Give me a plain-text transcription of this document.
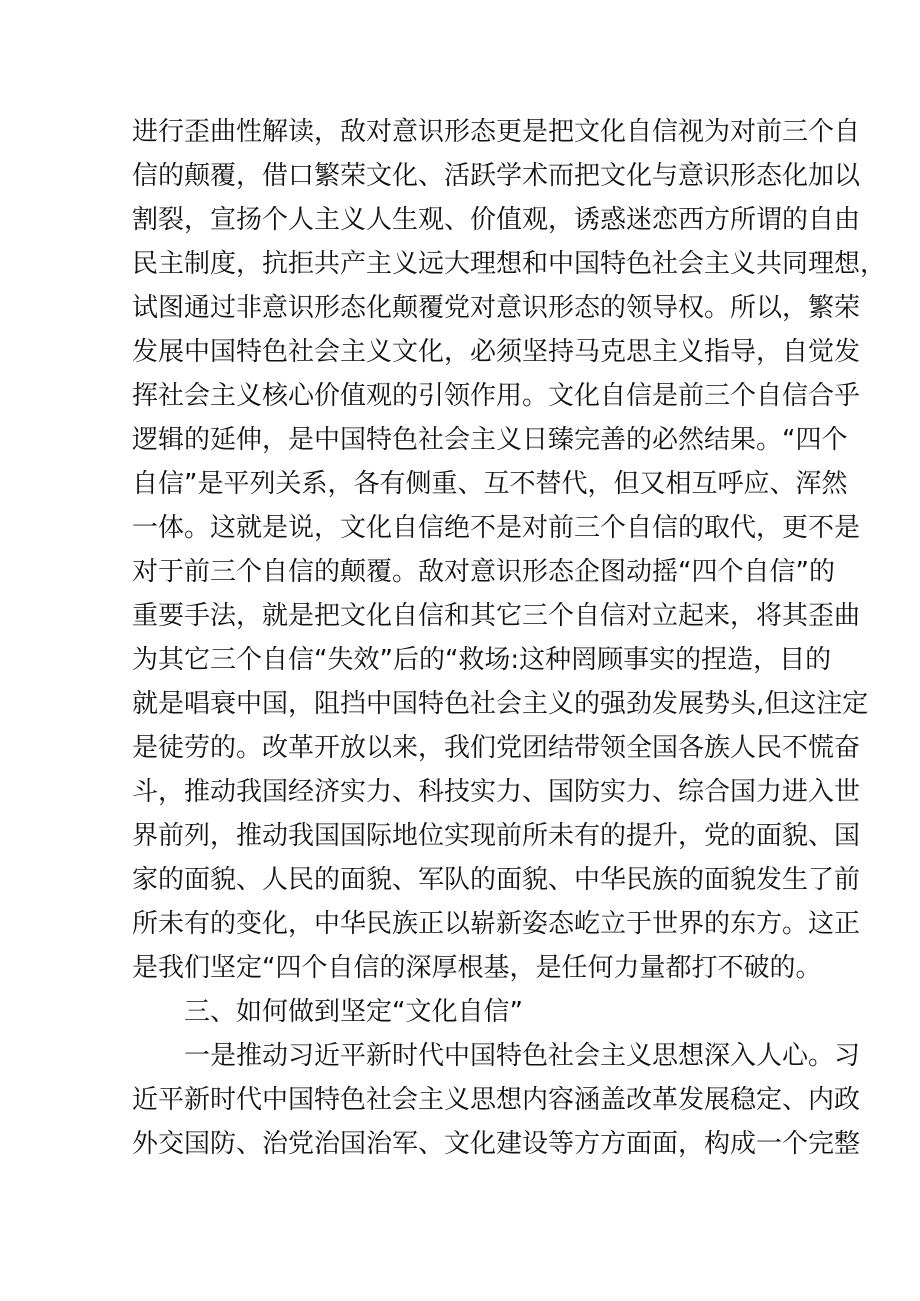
进行歪曲性解读，敌对意识形态更是把文化自信视为对前三个自
信的颠覆，借口繁荣文化、活跃学术而把文化与意识形态化加以
割裂，宣扬个人主义人生观、价值观，诱惑迷恋西方所谓的自由
民主制度，抗拒共产主义远大理想和中国特色社会主义共同理想，
试图通过非意识形态化颠覆党对意识形态的领导权。所以，繁荣
发展中国特色社会主义文化，必须坚持马克思主义指导，自觉发
挥社会主义核心价值观的引领作用。文化自信是前三个自信合乎
逻辑的延伸，是中国特色社会主义日臻完善的必然结果。“四个
自信”是平列关系，各有侧重、互不替代，但又相互呼应、浑然
一体。这就是说，文化自信绝不是对前三个自信的取代，更不是
对于前三个自信的颠覆。敌对意识形态企图动摇“四个自信”的
重要手法，就是把文化自信和其它三个自信对立起来，将其歪曲
为其它三个自信“失效”后的“救场:这种罔顾事实的捏造，目的
就是唱衰中国，阻挡中国特色社会主义的强劲发展势头,但这注定
是徒劳的。改革开放以来，我们党团结带领全国各族人民不慌奋
斗，推动我国经济实力、科技实力、国防实力、综合国力进入世
界前列，推动我国国际地位实现前所未有的提升，党的面貌、国
家的面貌、人民的面貌、军队的面貌、中华民族的面貌发生了前
所未有的变化，中华民族正以崭新姿态屹立于世界的东方。这正
是我们坚定“四个自信的深厚根基，是任何力量都打不破的。
三、如何做到坚定“文化自信”
一是推动习近平新时代中国特色社会主义思想深入人心。习
近平新时代中国特色社会主义思想内容涵盖改革发展稳定、内政
外交国防、治党治国治军、文化建设等方方面面，构成一个完整
